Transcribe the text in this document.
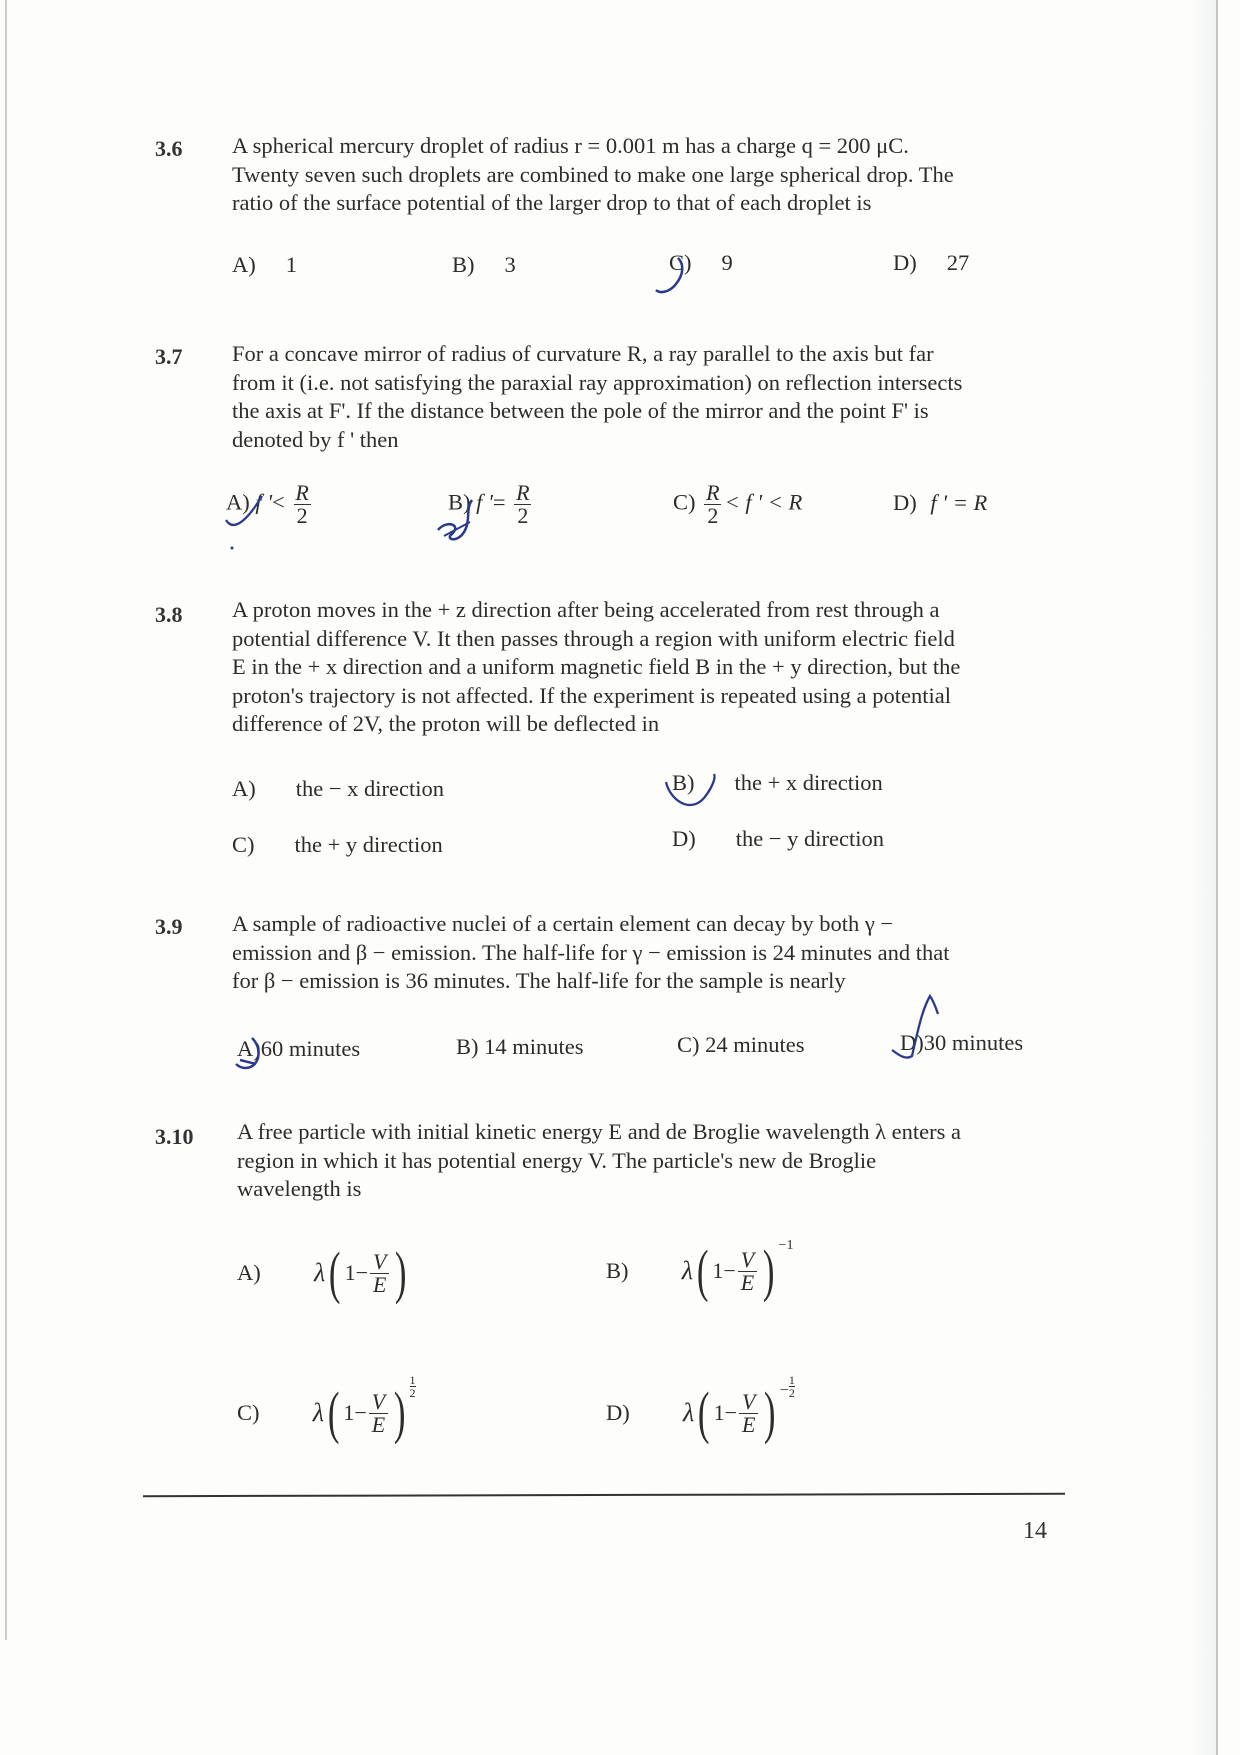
3.6 A spherical mercury droplet of radius r = 0.001 m has a charge q = 200 μC.
Twenty seven such droplets are combined to make one large spherical drop. The
ratio of the surface potential of the larger drop to that of each droplet is
A) 1	B) 3	C) 9	D) 27
3.7 For a concave mirror of radius of curvature R, a ray parallel to the axis but far
from it (i.e. not satisfying the paraxial ray approximation) on reflection intersects
the axis at F'. If the distance between the pole of the mirror and the point F' is
denoted by f ' then
A) f '< $\frac{R}{2}$	B) f '= $\frac{R}{2}$	$C) \frac{R}{2} < f$ ' < R	D) f ' = R
3.8 A proton moves in the + z direction after being accelerated from rest through a
potential difference V. It then passes through a region with uniform electric field
E in the + x direction and a uniform magnetic field B in the + y direction, but the
proton's trajectory is not affected. If the experiment is repeated using a potential
difference of 2V, the proton will be deflected in
A) the − x direction	B) the + x direction
C) the + y direction	D) the − y direction
3.9 A sample of radioactive nuclei of a certain element can decay by both γ −
emission and β − emission. The half-life for γ − emission is 24 minutes and that
for β − emission is 36 minutes. The half-life for the sample is nearly
A)60 minutes	B) 14 minutes	C) 24 minutes	D)30 minutes
3.10 A free particle with initial kinetic energy E and de Broglie wavelength λ enters a
region in which it has potential energy V. The particle's new de Broglie
wavelength is
A) λ( $1- \frac{V}{E}$ )	B) λ( $1- \frac{V}{E}$ ) −1
C) λ( $1- \frac{V}{E}$ ) $\frac{1}{2}$
D) λ( $1- \frac{V}{E}$ ) − $\frac{1}{2}$
14
